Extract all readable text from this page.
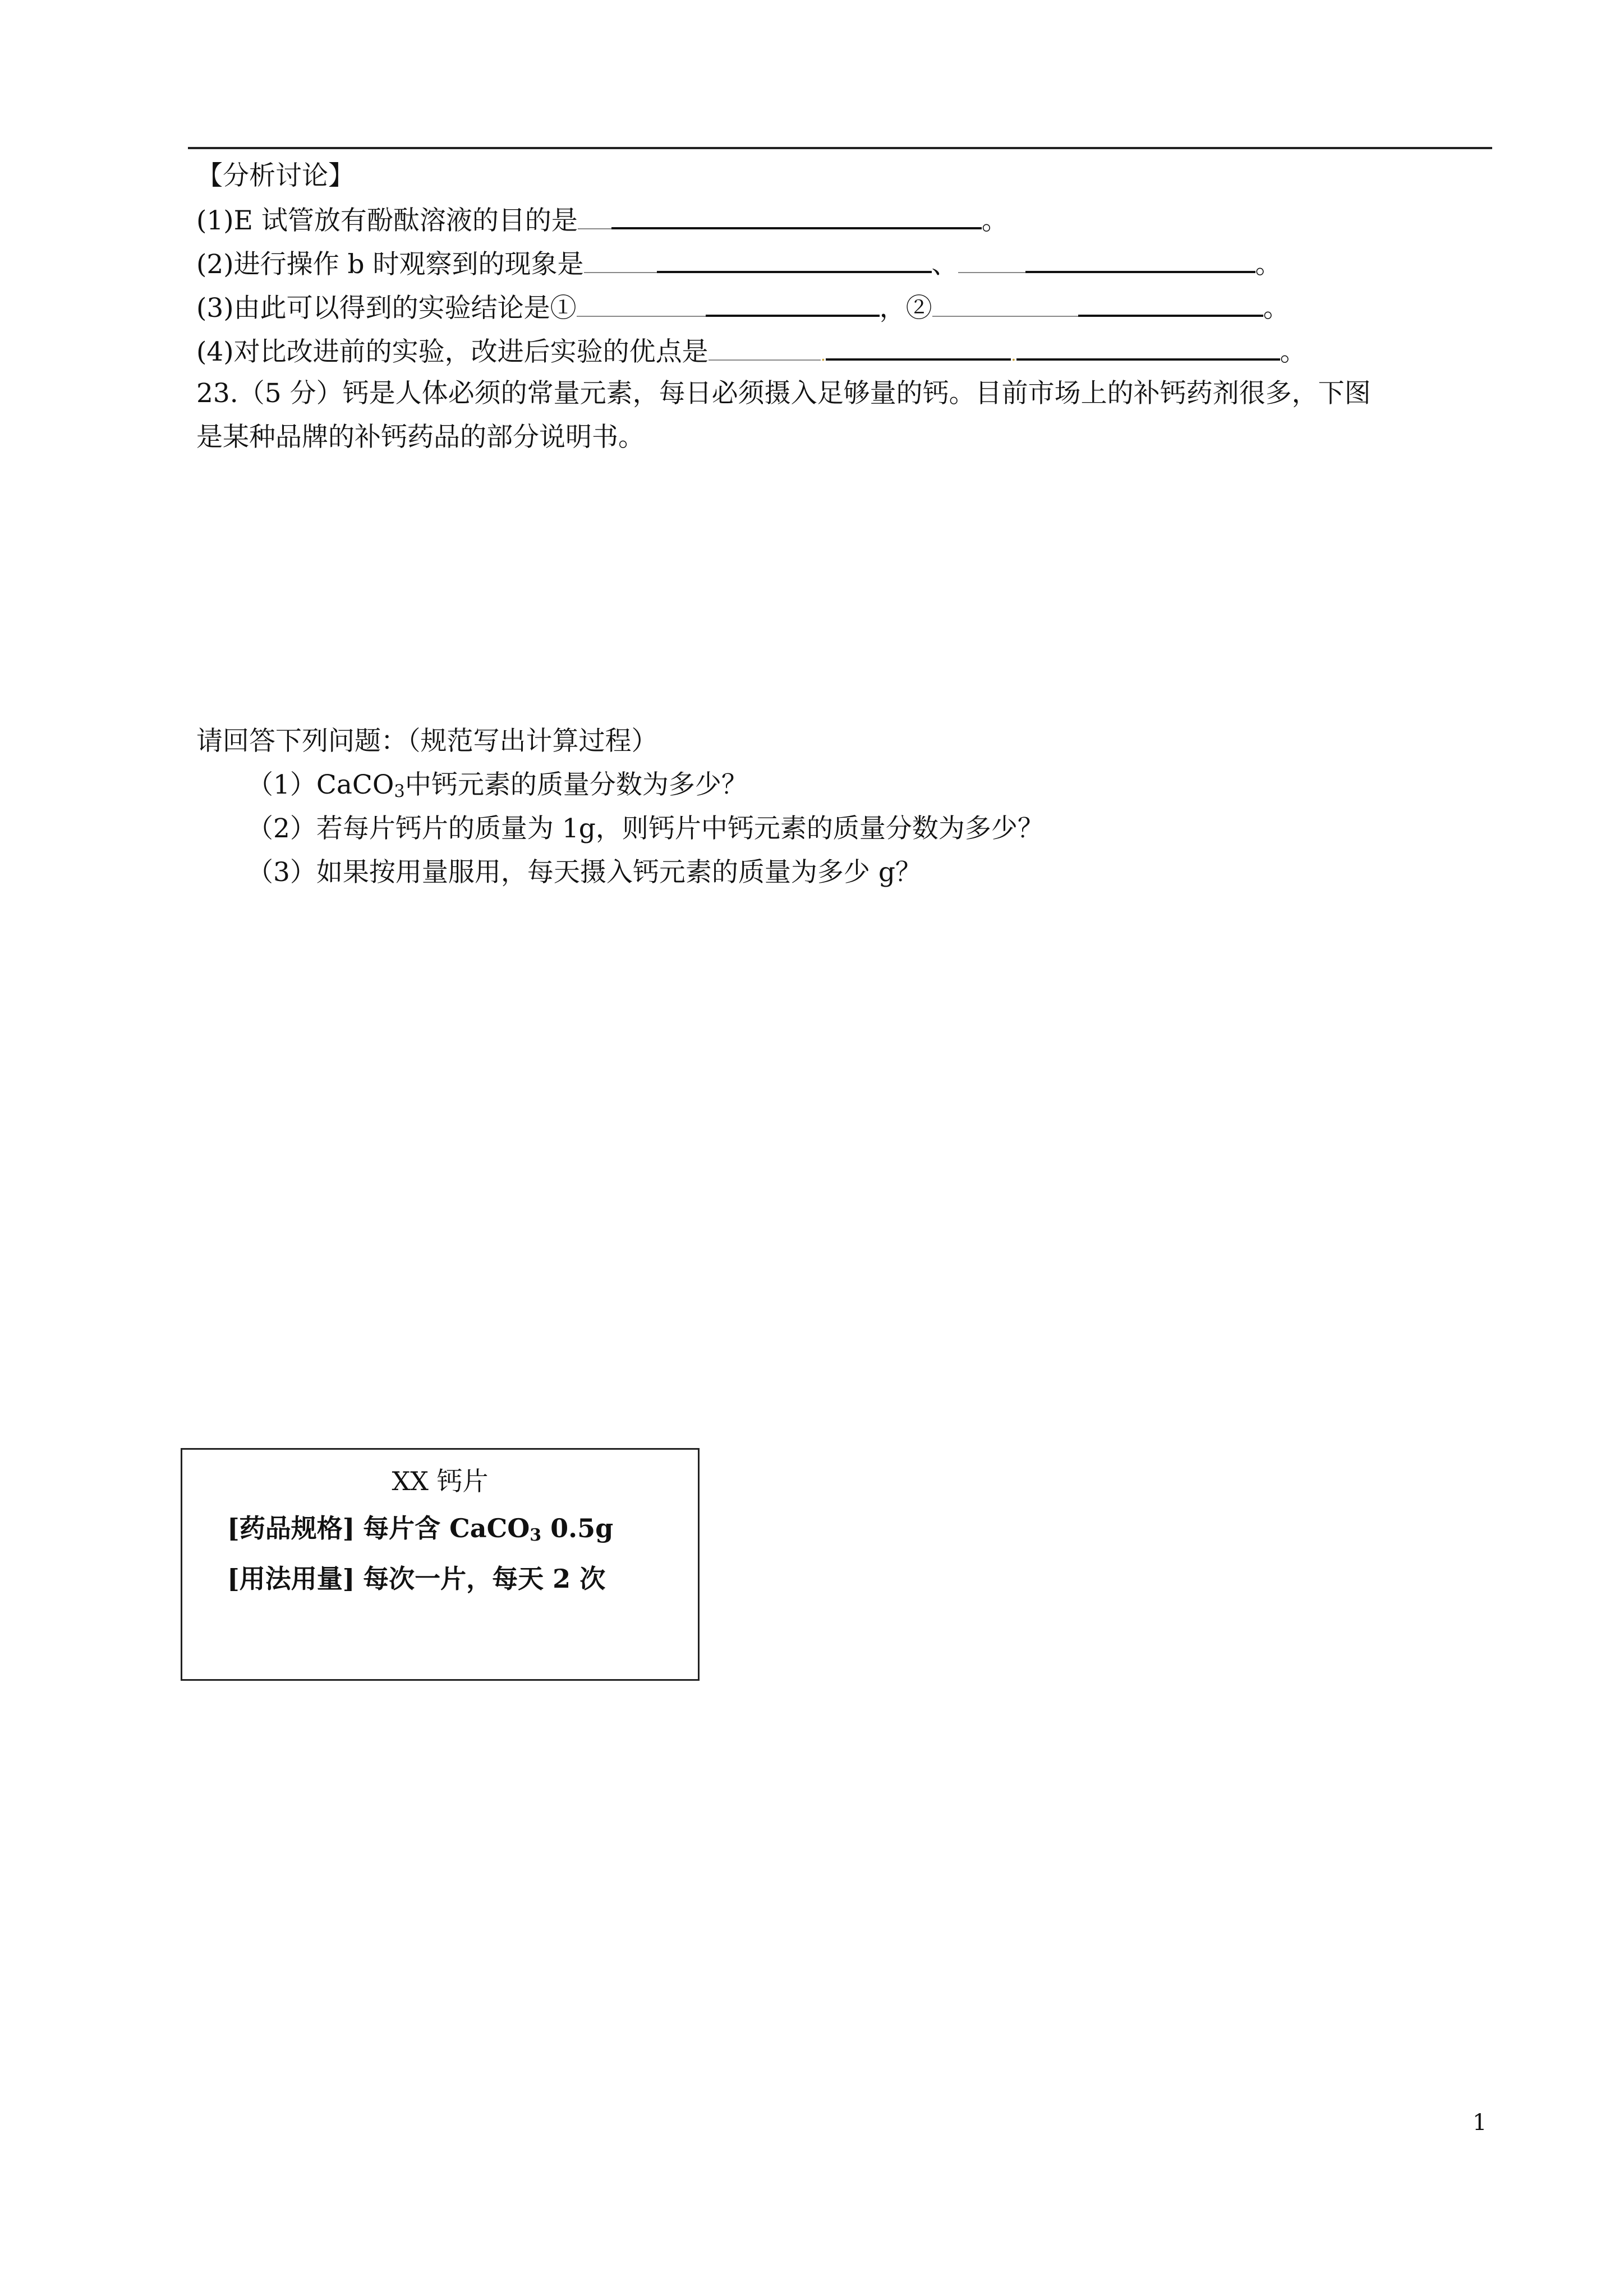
【分析讨论】
(1)E 试管放有酚酞溶液的目的是	。
(2)进行操作 b 时观察到的现象是	、	。
(3)由此可以得到的实验结论是①	，②	。
(4)对比改进前的实验，改进后实验的优点是	.	.	。
23.（5 分）钙是人体必须的常量元素，每日必须摄入足够量的钙。目前市场上的补钙药剂很多，下图
是某种品牌的补钙药品的部分说明书。
请回答下列问题：（规范写出计算过程）
（1）CaCO$_3$中钙元素的质量分数为多少？
（2）若每片钙片的质量为 1g，则钙片中钙元素的质量分数为多少？
（3）如果按用量服用，每天摄入钙元素的质量为多少 g？
XX 钙片
[药品规格] 每片含 CaCO$_3$ 0.5g
[用法用量] 每次一片，每天 2 次
1
